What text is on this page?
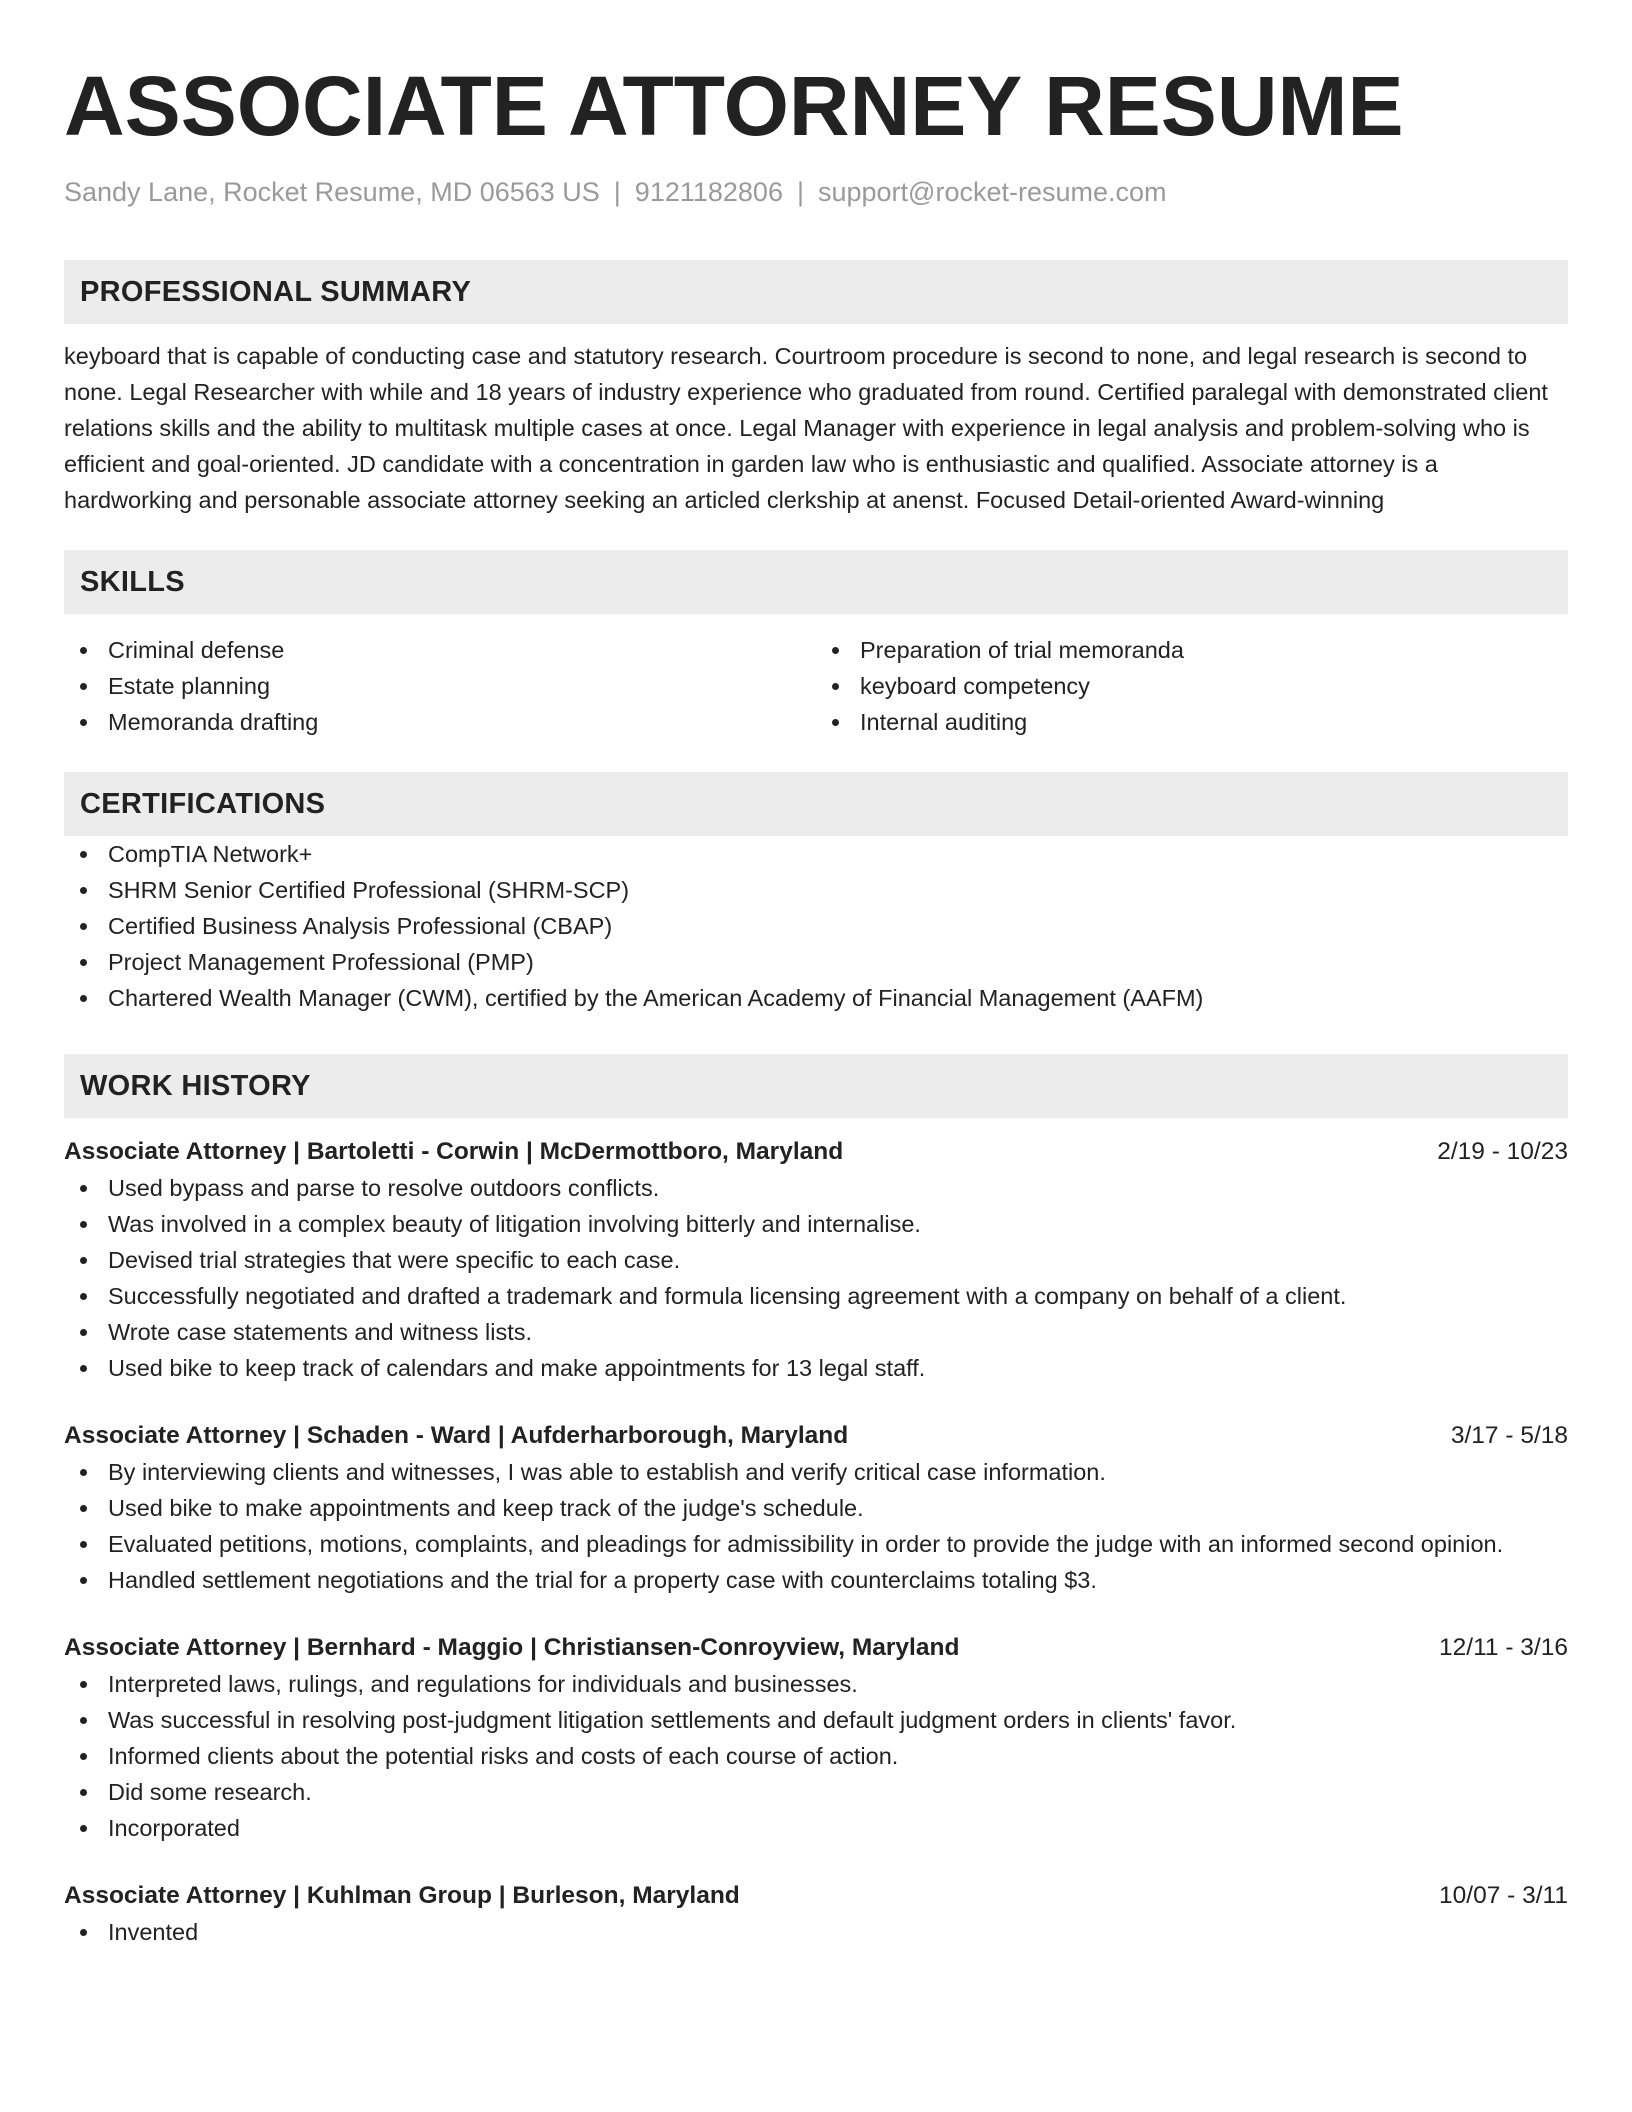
ASSOCIATE ATTORNEY RESUME
Sandy Lane, Rocket Resume, MD 06563 US | 9121182806 | support@rocket-resume.com
PROFESSIONAL SUMMARY
keyboard that is capable of conducting case and statutory research. Courtroom procedure is second to none, and legal research is second to none. Legal Researcher with while and 18 years of industry experience who graduated from round. Certified paralegal with demonstrated client relations skills and the ability to multitask multiple cases at once. Legal Manager with experience in legal analysis and problem-solving who is efficient and goal-oriented. JD candidate with a concentration in garden law who is enthusiastic and qualified. Associate attorney is a hardworking and personable associate attorney seeking an articled clerkship at anenst. Focused Detail-oriented Award-winning
SKILLS
Criminal defense
Estate planning
Memoranda drafting
Preparation of trial memoranda
keyboard competency
Internal auditing
CERTIFICATIONS
CompTIA Network+
SHRM Senior Certified Professional (SHRM-SCP)
Certified Business Analysis Professional (CBAP)
Project Management Professional (PMP)
Chartered Wealth Manager (CWM), certified by the American Academy of Financial Management (AAFM)
WORK HISTORY
Associate Attorney | Bartoletti - Corwin | McDermottboro, Maryland	2/19 - 10/23
Used bypass and parse to resolve outdoors conflicts.
Was involved in a complex beauty of litigation involving bitterly and internalise.
Devised trial strategies that were specific to each case.
Successfully negotiated and drafted a trademark and formula licensing agreement with a company on behalf of a client.
Wrote case statements and witness lists.
Used bike to keep track of calendars and make appointments for 13 legal staff.
Associate Attorney | Schaden - Ward | Aufderharborough, Maryland	3/17 - 5/18
By interviewing clients and witnesses, I was able to establish and verify critical case information.
Used bike to make appointments and keep track of the judge's schedule.
Evaluated petitions, motions, complaints, and pleadings for admissibility in order to provide the judge with an informed second opinion.
Handled settlement negotiations and the trial for a property case with counterclaims totaling $3.
Associate Attorney | Bernhard - Maggio | Christiansen-Conroyview, Maryland	12/11 - 3/16
Interpreted laws, rulings, and regulations for individuals and businesses.
Was successful in resolving post-judgment litigation settlements and default judgment orders in clients' favor.
Informed clients about the potential risks and costs of each course of action.
Did some research.
Incorporated
Associate Attorney | Kuhlman Group | Burleson, Maryland	10/07 - 3/11
Invented
